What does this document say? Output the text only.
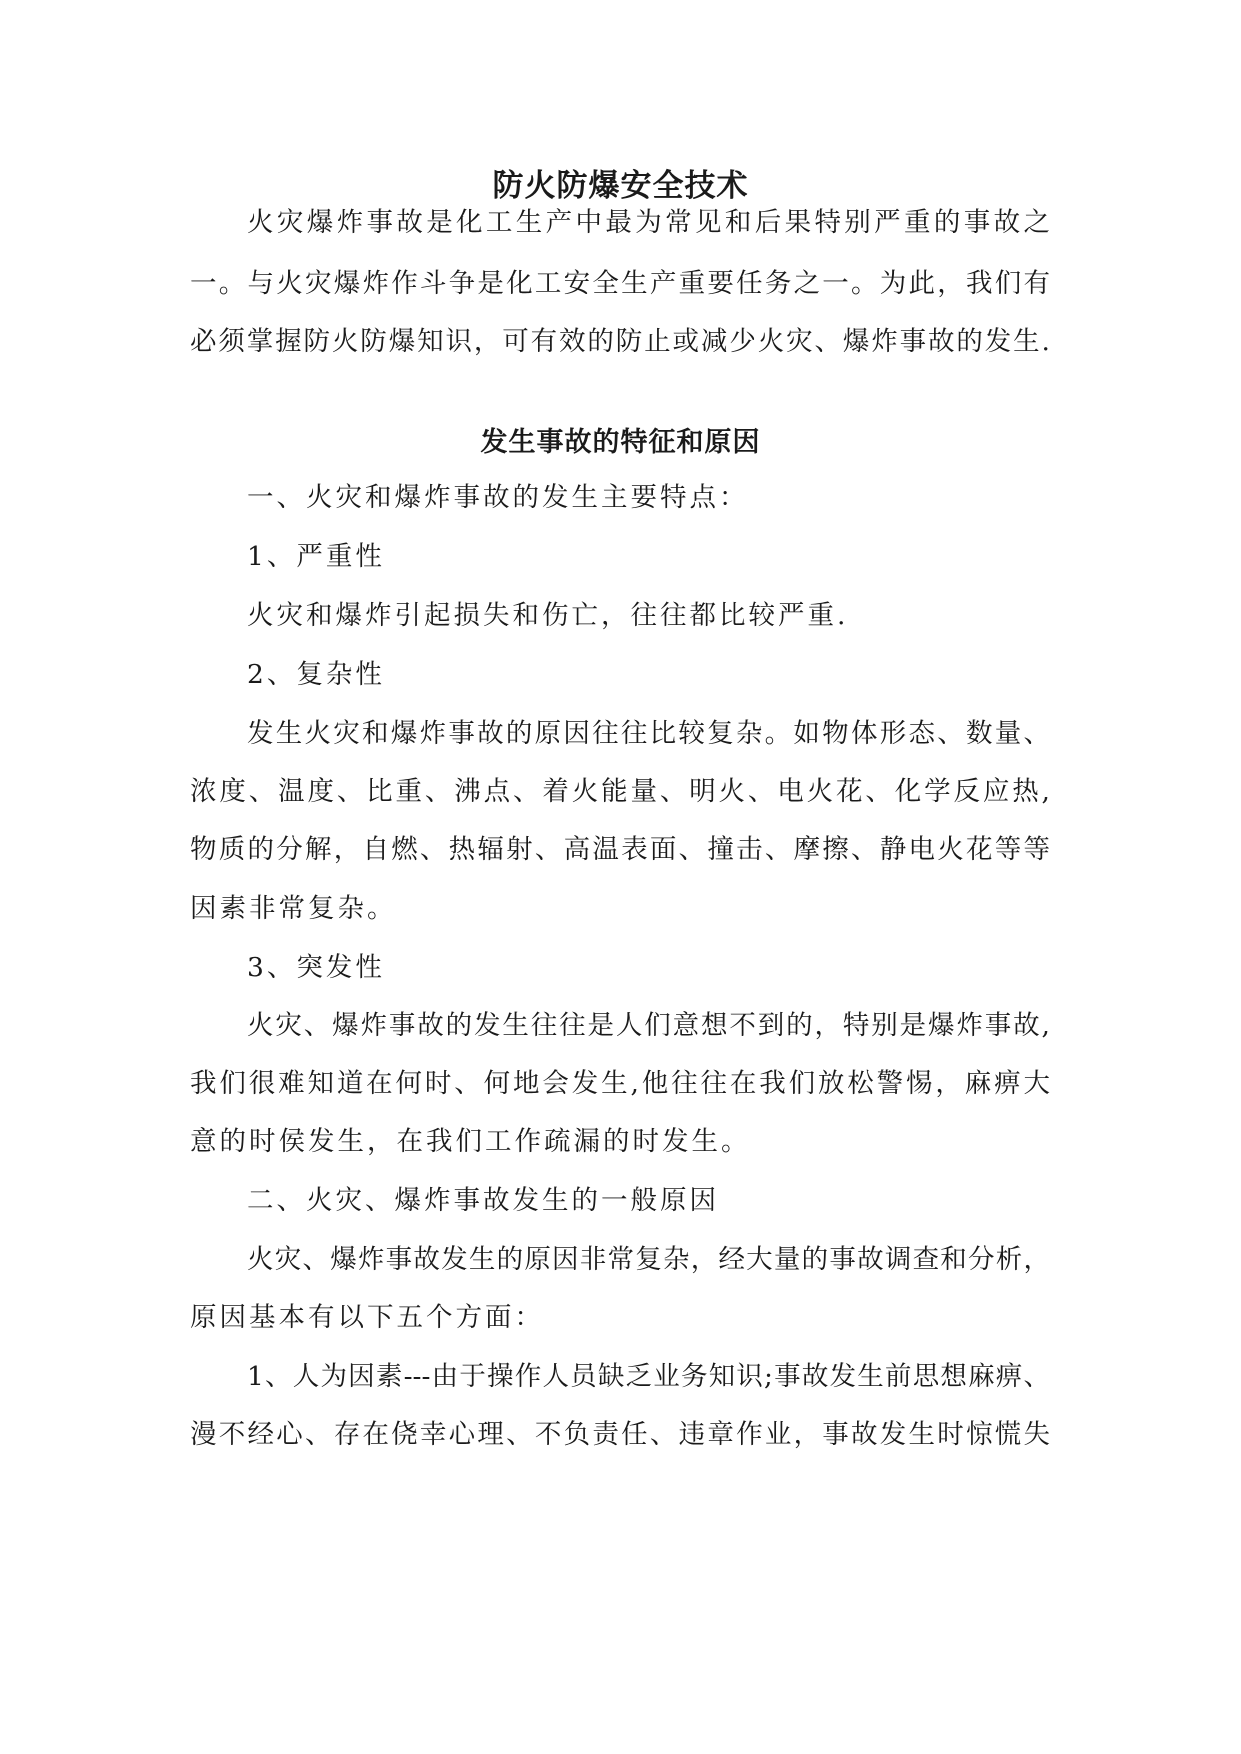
防火防爆安全技术
火灾爆炸事故是化工生产中最为常见和后果特别严重的事故之
一。与火灾爆炸作斗争是化工安全生产重要任务之一。为此，我们有
必须掌握防火防爆知识，可有效的防止或减少火灾、爆炸事故的发生.
发生事故的特征和原因
一、火灾和爆炸事故的发生主要特点：
1、严重性
火灾和爆炸引起损失和伤亡，往往都比较严重.
2、复杂性
发生火灾和爆炸事故的原因往往比较复杂。如物体形态、数量、
浓度、温度、比重、沸点、着火能量、明火、电火花、化学反应热,
物质的分解，自燃、热辐射、高温表面、撞击、摩擦、静电火花等等
因素非常复杂。
3、突发性
火灾、爆炸事故的发生往往是人们意想不到的，特别是爆炸事故,
我们很难知道在何时、何地会发生,他往往在我们放松警惕，麻痹大
意的时侯发生，在我们工作疏漏的时发生。
二、火灾、爆炸事故发生的一般原因
火灾、爆炸事故发生的原因非常复杂，经大量的事故调查和分析，
原因基本有以下五个方面：
1、人为因素---由于操作人员缺乏业务知识;事故发生前思想麻痹、
漫不经心、存在侥幸心理、不负责任、违章作业，事故发生时惊慌失
